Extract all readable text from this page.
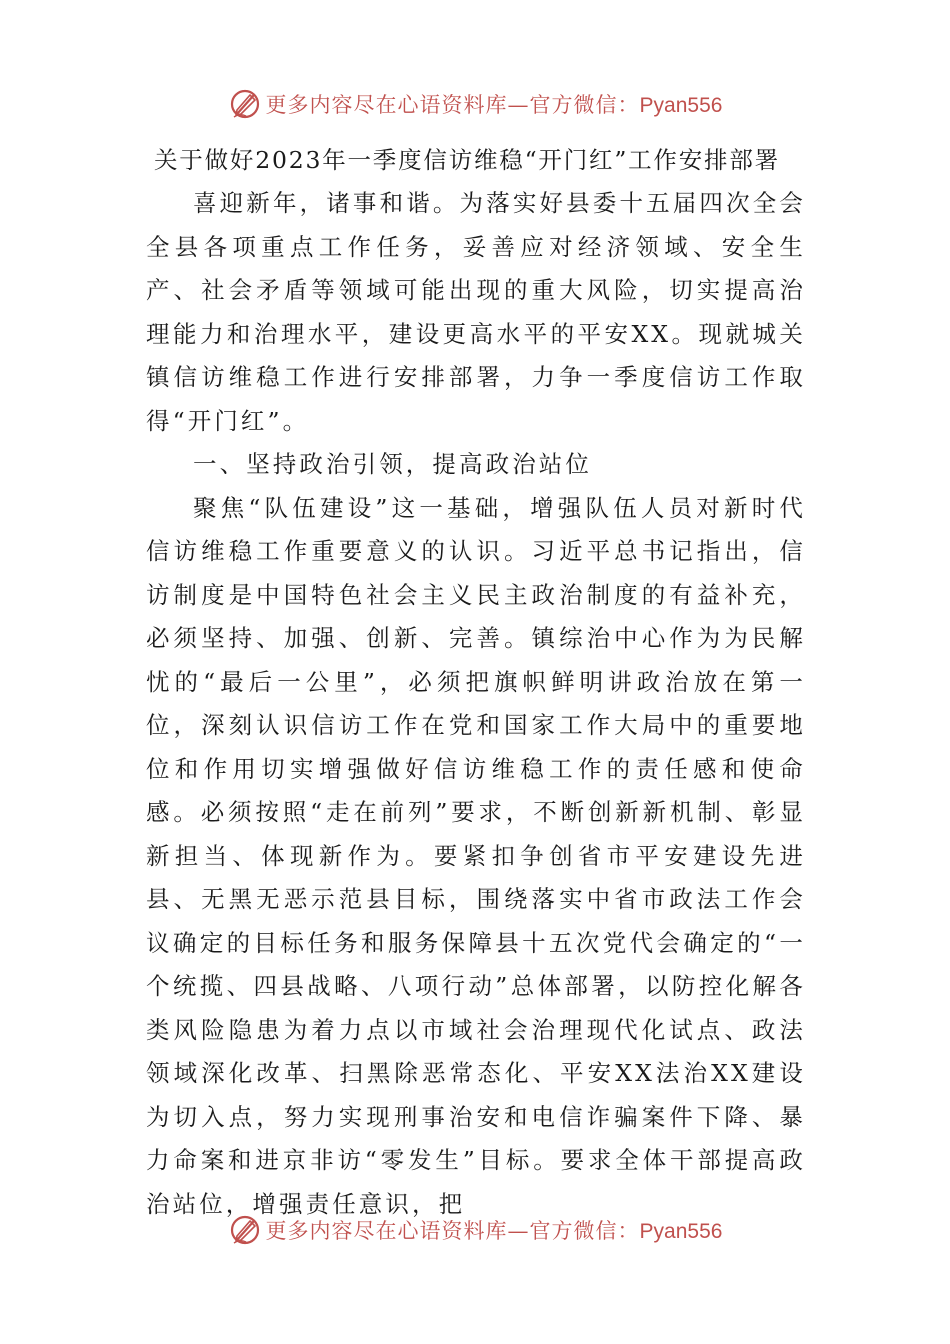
更多内容尽在心语资料库—官方微信：Pyan556
关于做好2023年一季度信访维稳“开门红”工作安排部署

喜迎新年，诸事和谐。为落实好县委十五届四次全会全县各项重点工作任务，妥善应对经济领域、安全生产、社会矛盾等领域可能出现的重大风险，切实提高治理能力和治理水平，建设更高水平的平安XX。现就城关镇信访维稳工作进行安排部署，力争一季度信访工作取得“开门红”。

一、坚持政治引领，提高政治站位

聚焦“队伍建设”这一基础，增强队伍人员对新时代信访维稳工作重要意义的认识。习近平总书记指出，信访制度是中国特色社会主义民主政治制度的有益补充，必须坚持、加强、创新、完善。镇综治中心作为为民解忧的“最后一公里”，必须把旗帜鲜明讲政治放在第一位，深刻认识信访工作在党和国家工作大局中的重要地位和作用切实增强做好信访维稳工作的责任感和使命感。必须按照“走在前列”要求，不断创新新机制、彰显新担当、体现新作为。要紧扣争创省市平安建设先进县、无黑无恶示范县目标，围绕落实中省市政法工作会议确定的目标任务和服务保障县十五次党代会确定的“一个统揽、四县战略、八项行动”总体部署，以防控化解各类风险隐患为着力点以市域社会治理现代化试点、政法领域深化改革、扫黑除恶常态化、平安XX法治XX建设为切入点，努力实现刑事治安和电信诈骗案件下降、暴力命案和进京非访“零发生”目标。要求全体干部提高政治站位，增强责任意识，把

更多内容尽在心语资料库—官方微信：Pyan556
